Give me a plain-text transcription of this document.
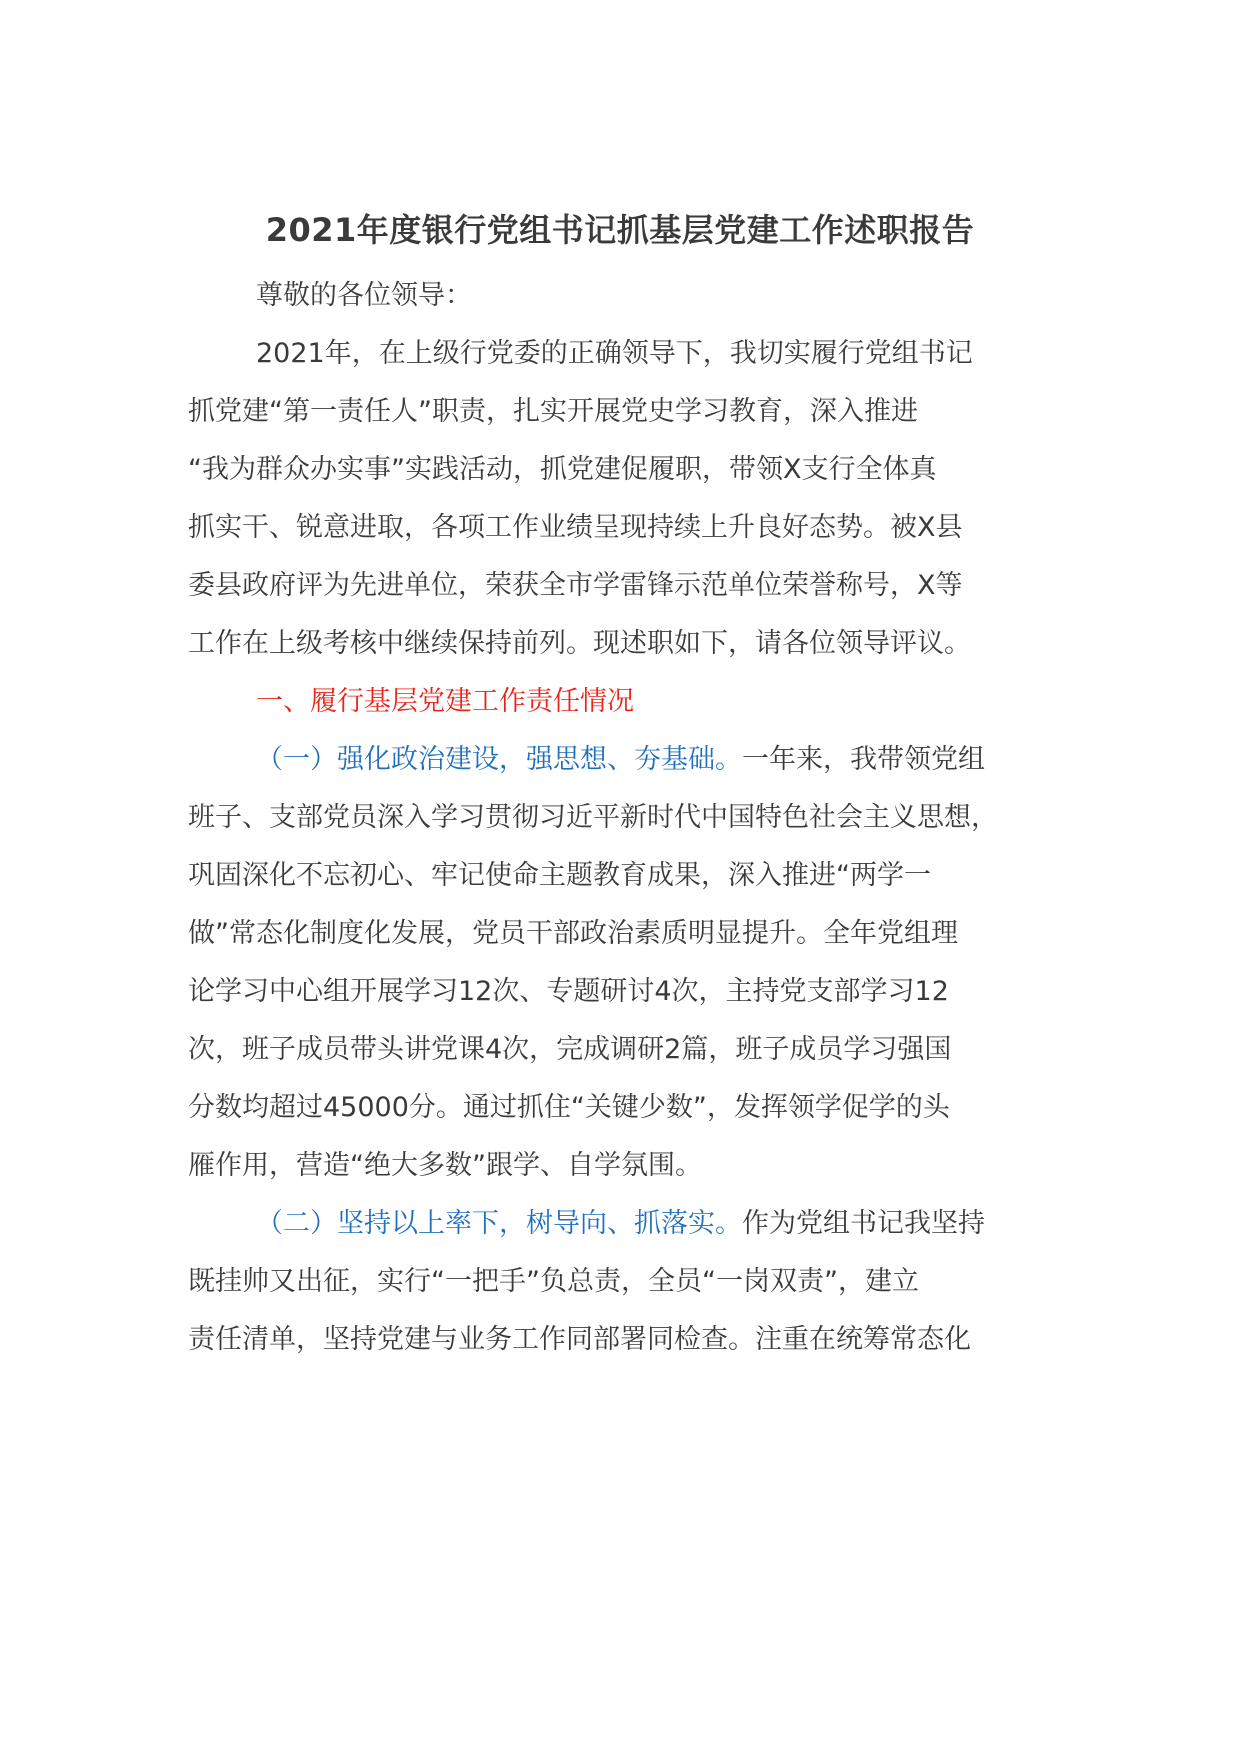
2021年度银行党组书记抓基层党建工作述职报告
尊敬的各位领导：
2021年，在上级行党委的正确领导下，我切实履行党组书记
抓党建“第一责任人”职责，扎实开展党史学习教育，深入推进
“我为群众办实事”实践活动，抓党建促履职，带领X支行全体真
抓实干、锐意进取，各项工作业绩呈现持续上升良好态势。被X县
委县政府评为先进单位，荣获全市学雷锋示范单位荣誉称号，X等
工作在上级考核中继续保持前列。现述职如下，请各位领导评议。
一、履行基层党建工作责任情况
（一）强化政治建设，强思想、夯基础。一年来，我带领党组
班子、支部党员深入学习贯彻习近平新时代中国特色社会主义思想，
巩固深化不忘初心、牢记使命主题教育成果，深入推进“两学一
做”常态化制度化发展，党员干部政治素质明显提升。全年党组理
论学习中心组开展学习12次、专题研讨4次，主持党支部学习12
次，班子成员带头讲党课4次，完成调研2篇，班子成员学习强国
分数均超过45000分。通过抓住“关键少数”，发挥领学促学的头
雁作用，营造“绝大多数”跟学、自学氛围。
（二）坚持以上率下，树导向、抓落实。作为党组书记我坚持
既挂帅又出征，实行“一把手”负总责，全员“一岗双责”，建立
责任清单，坚持党建与业务工作同部署同检查。注重在统筹常态化
